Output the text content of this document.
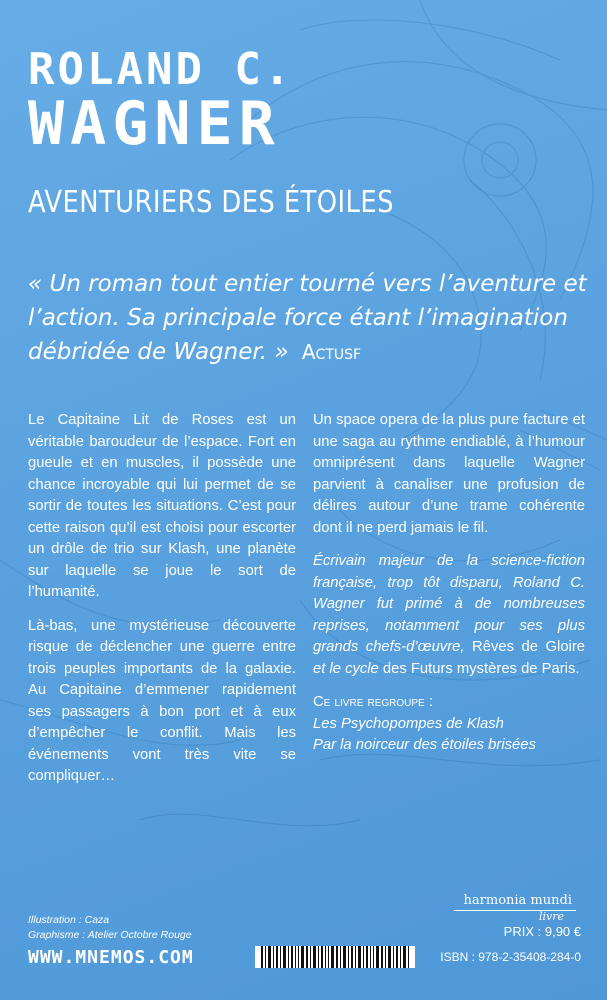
ROLAND C.
WAGNER
AVENTURIERS DES ÉTOILES
« Un roman tout entier tourné vers l’aventure et l’action. Sa principale force étant l’imagination débridée de Wagner. » Actusf

Le Capitaine Lit de Roses est un véritable baroudeur de l’espace. Fort en gueule et en muscles, il possède une chance incroyable qui lui permet de se sortir de toutes les situations. C’est pour cette raison qu’il est choisi pour escorter un drôle de trio sur Klash, une planète sur laquelle se joue le sort de l’humanité.

Là-bas, une mystérieuse découverte risque de déclencher une guerre entre trois peuples importants de la galaxie. Au Capitaine d’emmener rapidement ses passagers à bon port et à eux d’empêcher le conflit. Mais les événements vont très vite se compliquer…

Un space opera de la plus pure facture et une saga au rythme endiablé, à l’humour omniprésent dans laquelle Wagner parvient à canaliser une profusion de délires autour d’une trame cohérente dont il ne perd jamais le fil.

Écrivain majeur de la science-fiction française, trop tôt disparu, Roland C. Wagner fut primé à de nombreuses reprises, notamment pour ses plus grands chefs-d’œuvre, Rêves de Gloire et le cycle des Futurs mystères de Paris.

Ce livre regroupe :
Les Psychopompes de Klash
Par la noirceur des étoiles brisées
Illustration : Caza
Graphisme : Atelier Octobre Rouge
WWW.MNEMOS.COM
harmonia mundi
livre
PRIX : 9,90 €
ISBN : 978-2-35408-284-0
